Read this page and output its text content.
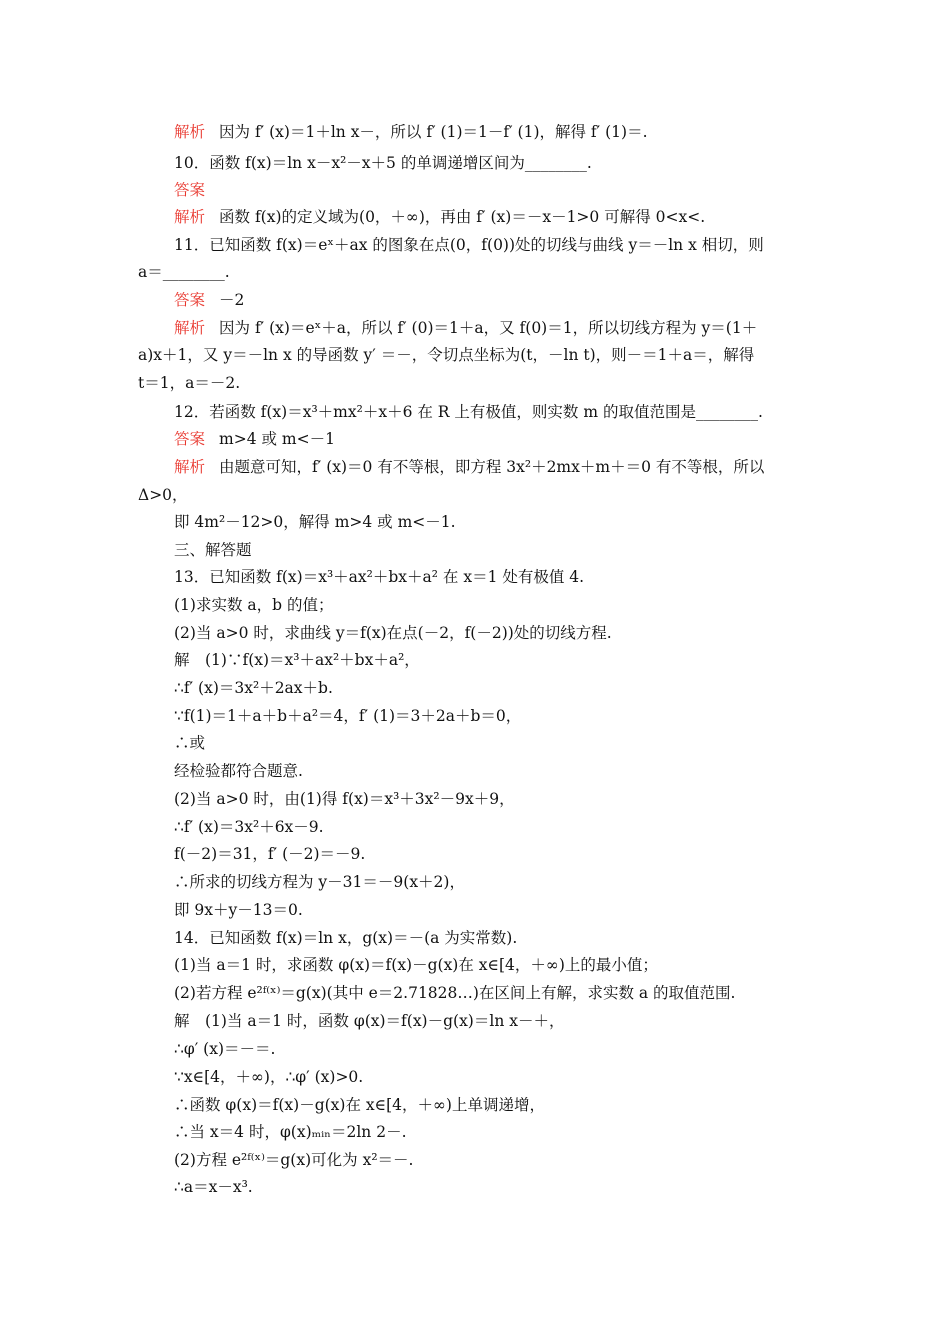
解析 因为 f′ (x)＝1＋ln x－，所以 f′ (1)＝1－f′ (1)，解得 f′ (1)＝.
10．函数 f(x)＝ln x－x²－x＋5 的单调递增区间为________.
答案
解析 函数 f(x)的定义域为(0，＋∞)，再由 f′ (x)＝－x－1>0 可解得 0<x<.
11．已知函数 f(x)＝eˣ＋ax 的图象在点(0，f(0))处的切线与曲线 y＝－ln x 相切，则
a＝________.
答案 －2
解析 因为 f′ (x)＝eˣ＋a，所以 f′ (0)＝1＋a，又 f(0)＝1，所以切线方程为 y＝(1＋
a)x＋1，又 y＝－ln x 的导函数 y′ ＝－，令切点坐标为(t，－ln t)，则－＝1＋a＝，解得
t＝1，a＝－2.
12．若函数 f(x)＝x³＋mx²＋x＋6 在 R 上有极值，则实数 m 的取值范围是________.
答案 m>4 或 m<－1
解析 由题意可知，f′ (x)＝0 有不等根，即方程 3x²＋2mx＋m＋＝0 有不等根，所以
Δ>0，
即 4m²－12>0，解得 m>4 或 m<－1.
三、解答题
13．已知函数 f(x)＝x³＋ax²＋bx＋a² 在 x＝1 处有极值 4.
(1)求实数 a，b 的值；
(2)当 a>0 时，求曲线 y＝f(x)在点(－2，f(－2))处的切线方程.
解　(1)∵f(x)＝x³＋ax²＋bx＋a²，
∴f′ (x)＝3x²＋2ax＋b.
∵f(1)＝1＋a＋b＋a²＝4，f′ (1)＝3＋2a＋b＝0，
∴或
经检验都符合题意.
(2)当 a>0 时，由(1)得 f(x)＝x³＋3x²－9x＋9，
∴f′ (x)＝3x²＋6x－9.
f(－2)＝31，f′ (－2)＝－9.
∴所求的切线方程为 y－31＝－9(x＋2)，
即 9x＋y－13＝0.
14．已知函数 f(x)＝ln x，g(x)＝－(a 为实常数).
(1)当 a＝1 时，求函数 φ(x)＝f(x)－g(x)在 x∈[4，＋∞)上的最小值；
(2)若方程 e²ᶠ⁽ˣ⁾＝g(x)(其中 e＝2.71828…)在区间上有解，求实数 a 的取值范围.
解　(1)当 a＝1 时，函数 φ(x)＝f(x)－g(x)＝ln x－＋，
∴φ′ (x)＝－＝.
∵x∈[4，＋∞)，∴φ′ (x)>0.
∴函数 φ(x)＝f(x)－g(x)在 x∈[4，＋∞)上单调递增，
∴当 x＝4 时，φ(x)ₘᵢₙ＝2ln 2－.
(2)方程 e²ᶠ⁽ˣ⁾＝g(x)可化为 x²＝－.
∴a＝x－x³.
